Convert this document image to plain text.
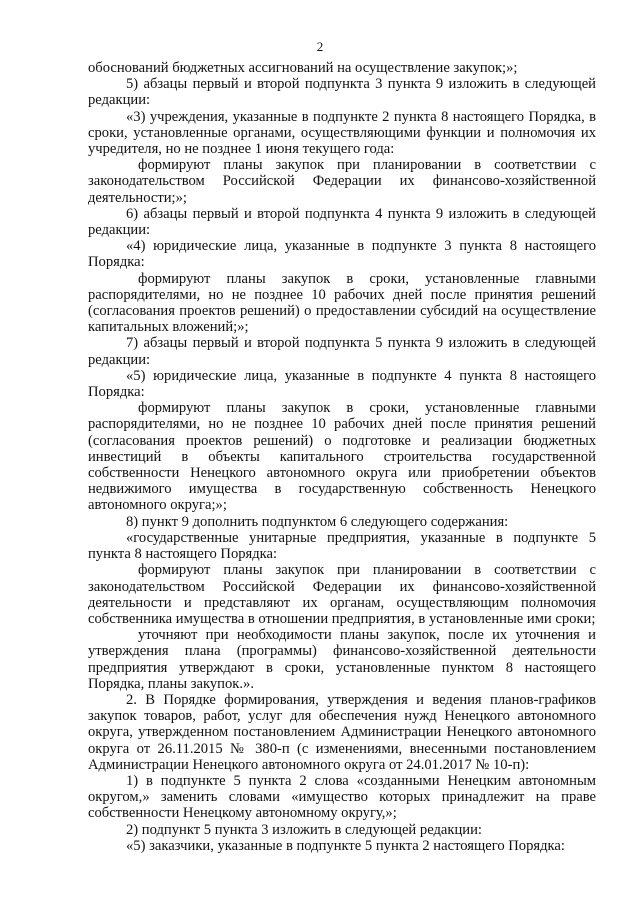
2

обоснований бюджетных ассигнований на осуществление закупок;»;

5) абзацы первый и второй подпункта 3 пункта 9 изложить в следующей редакции:

«3) учреждения, указанные в подпункте 2 пункта 8 настоящего Порядка, в сроки, установленные органами, осуществляющими функции и полномочия их учредителя, но не позднее 1 июня текущего года:

формируют планы закупок при планировании в соответствии с законодательством Российской Федерации их финансово-хозяйственной деятельности;»;

6) абзацы первый и второй подпункта 4 пункта 9 изложить в следующей редакции:

«4) юридические лица, указанные в подпункте 3 пункта 8 настоящего Порядка:

формируют планы закупок в сроки, установленные главными распорядителями, но не позднее 10 рабочих дней после принятия решений (согласования проектов решений) о предоставлении субсидий на осуществление капитальных вложений;»;

7) абзацы первый и второй подпункта 5 пункта 9 изложить в следующей редакции:

«5) юридические лица, указанные в подпункте 4 пункта 8 настоящего Порядка:

формируют планы закупок в сроки, установленные главными распорядителями, но не позднее 10 рабочих дней после принятия решений (согласования проектов решений) о подготовке и реализации бюджетных инвестиций в объекты капитального строительства государственной собственности Ненецкого автономного округа или приобретении объектов недвижимого имущества в государственную собственность Ненецкого автономного округа;»;

8) пункт 9 дополнить подпунктом 6 следующего содержания:

«государственные унитарные предприятия, указанные в подпункте 5 пункта 8 настоящего Порядка:

формируют планы закупок при планировании в соответствии с законодательством Российской Федерации их финансово-хозяйственной деятельности и представляют их органам, осуществляющим полномочия собственника имущества в отношении предприятия, в установленные ими сроки;

уточняют при необходимости планы закупок, после их уточнения и утверждения плана (программы) финансово-хозяйственной деятельности предприятия утверждают в сроки, установленные пунктом 8 настоящего Порядка, планы закупок.».

2. В Порядке формирования, утверждения и ведения планов-графиков закупок товаров, работ, услуг для обеспечения нужд Ненецкого автономного округа, утвержденном постановлением Администрации Ненецкого автономного округа от 26.11.2015 № 380-п (с изменениями, внесенными постановлением Администрации Ненецкого автономного округа от 24.01.2017 № 10-п):

1) в подпункте 5 пункта 2 слова «созданными Ненецким автономным округом,» заменить словами «имущество которых принадлежит на праве собственности Ненецкому автономному округу,»;

2) подпункт 5 пункта 3 изложить в следующей редакции:

«5) заказчики, указанные в подпункте 5 пункта 2 настоящего Порядка:
